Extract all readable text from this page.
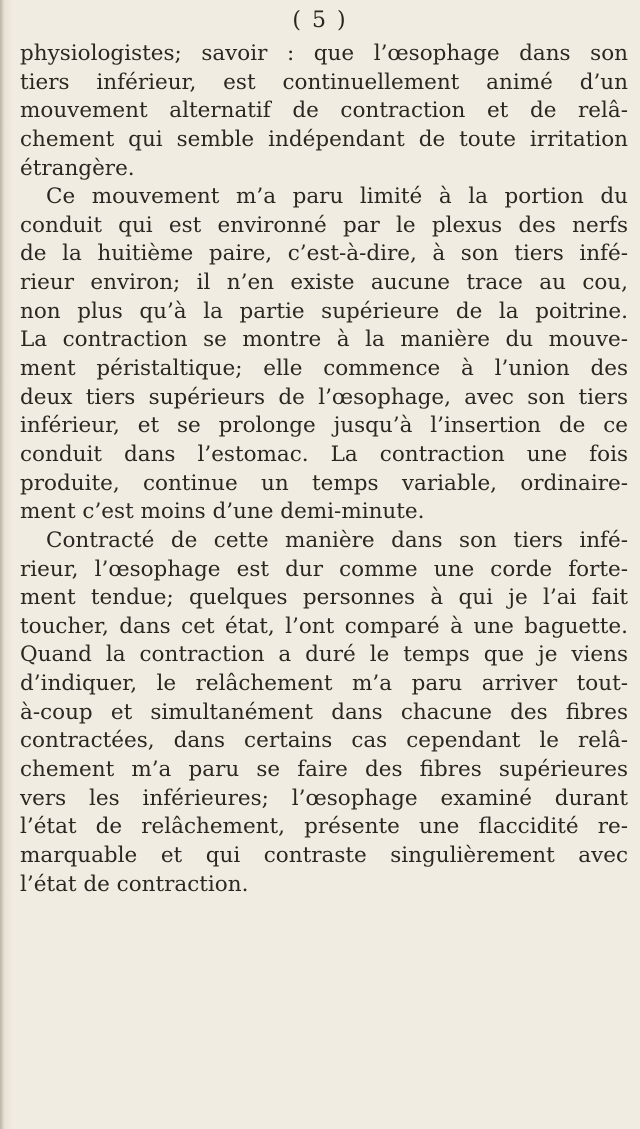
( 5 )
physiologistes; savoir : que l’œsophage dans son
tiers inférieur, est continuellement animé d’un
mouvement alternatif de contraction et de relâ-
chement qui semble indépendant de toute irritation
étrangère.
Ce mouvement m’a paru limité à la portion du
conduit qui est environné par le plexus des nerfs
de la huitième paire, c’est-à-dire, à son tiers infé-
rieur environ; il n’en existe aucune trace au cou,
non plus qu’à la partie supérieure de la poitrine.
La contraction se montre à la manière du mouve-
ment péristaltique; elle commence à l’union des
deux tiers supérieurs de l’œsophage, avec son tiers
inférieur, et se prolonge jusqu’à l’insertion de ce
conduit dans l’estomac. La contraction une fois
produite, continue un temps variable, ordinaire-
ment c’est moins d’une demi-minute.
Contracté de cette manière dans son tiers infé-
rieur, l’œsophage est dur comme une corde forte-
ment tendue; quelques personnes à qui je l’ai fait
toucher, dans cet état, l’ont comparé à une baguette.
Quand la contraction a duré le temps que je viens
d’indiquer, le relâchement m’a paru arriver tout-
à-coup et simultanément dans chacune des fibres
contractées, dans certains cas cependant le relâ-
chement m’a paru se faire des fibres supérieures
vers les inférieures; l’œsophage examiné durant
l’état de relâchement, présente une flaccidité re-
marquable et qui contraste singulièrement avec
l’état de contraction.
